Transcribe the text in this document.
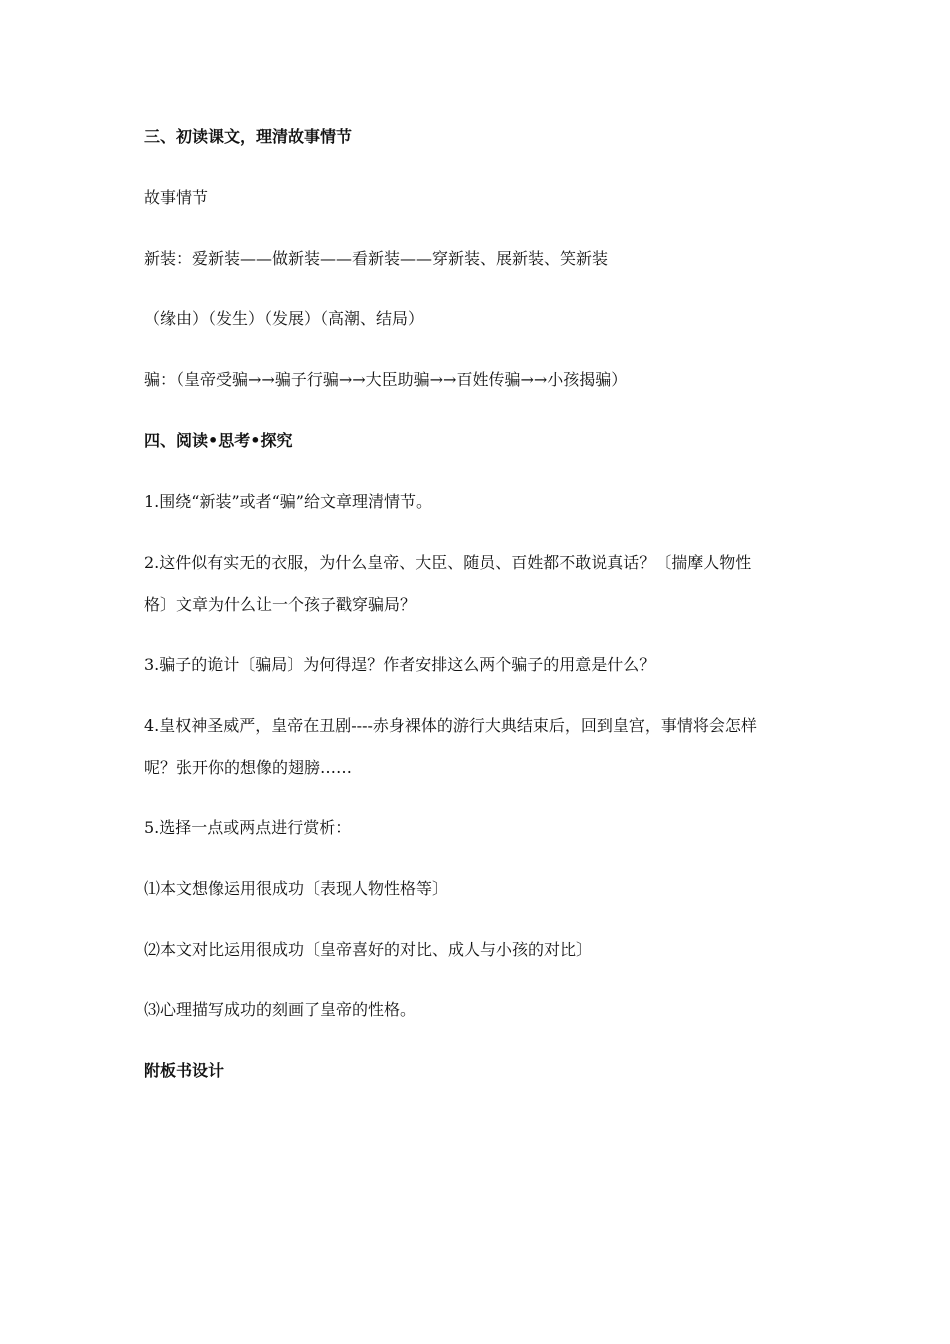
三、初读课文，理清故事情节
故事情节
新装：爱新装——做新装——看新装——穿新装、展新装、笑新装
（缘由）（发生）（发展）（高潮、结局）
骗：（皇帝受骗→→骗子行骗→→大臣助骗→→百姓传骗→→小孩揭骗）
四、阅读•思考•探究
1.围绕“新装”或者“骗”给文章理清情节。
2.这件似有实无的衣服，为什么皇帝、大臣、随员、百姓都不敢说真话？〔揣摩人物性
格〕文章为什么让一个孩子戳穿骗局？
3.骗子的诡计〔骗局〕为何得逞？作者安排这么两个骗子的用意是什么？
4.皇权神圣威严，皇帝在丑剧----赤身裸体的游行大典结束后，回到皇宫，事情将会怎样
呢？张开你的想像的翅膀……
5.选择一点或两点进行赏析：
⑴本文想像运用很成功〔表现人物性格等〕
⑵本文对比运用很成功〔皇帝喜好的对比、成人与小孩的对比〕
⑶心理描写成功的刻画了皇帝的性格。
附板书设计
